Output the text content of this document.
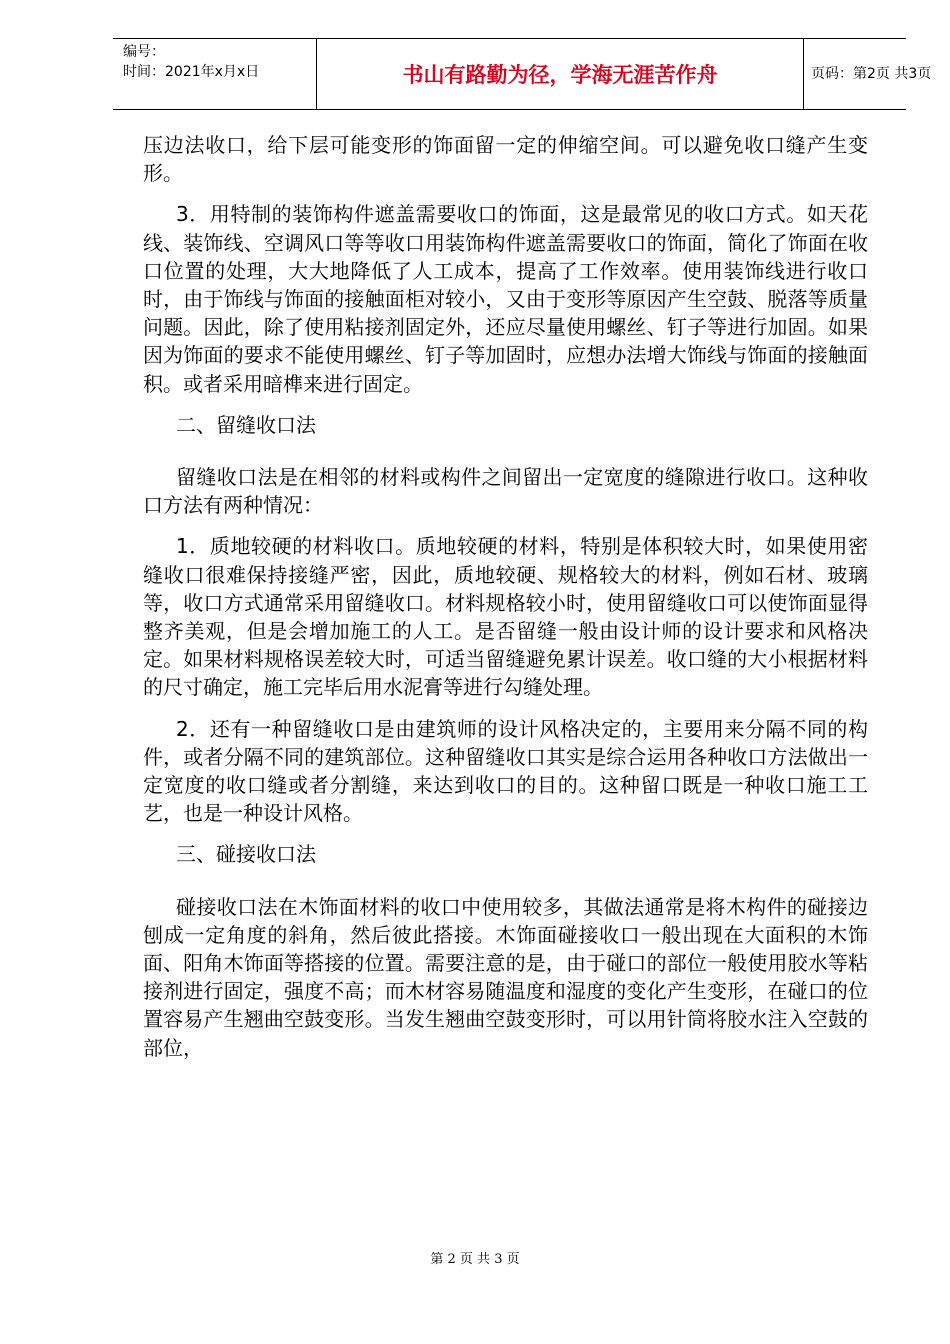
编号：
时间：2021年x月x日	书山有路勤为径，学海无涯苦作舟	页码：第2页 共3页

压边法收口，给下层可能变形的饰面留一定的伸缩空间。可以避免收口缝产生变形。

3．用特制的装饰构件遮盖需要收口的饰面，这是最常见的收口方式。如天花线、装饰线、空调风口等等收口用装饰构件遮盖需要收口的饰面，简化了饰面在收口位置的处理，大大地降低了人工成本，提高了工作效率。使用装饰线进行收口时，由于饰线与饰面的接触面柜对较小，又由于变形等原因产生空鼓、脱落等质量问题。因此，除了使用粘接剂固定外，还应尽量使用螺丝、钉子等进行加固。如果因为饰面的要求不能使用螺丝、钉子等加固时，应想办法增大饰线与饰面的接触面积。或者采用暗榫来进行固定。

二、留缝收口法

留缝收口法是在相邻的材料或构件之间留出一定宽度的缝隙进行收口。这种收口方法有两种情况：

1．质地较硬的材料收口。质地较硬的材料，特别是体积较大时，如果使用密缝收口很难保持接缝严密，因此，质地较硬、规格较大的材料，例如石材、玻璃等，收口方式通常采用留缝收口。材料规格较小时，使用留缝收口可以使饰面显得整齐美观，但是会增加施工的人工。是否留缝一般由设计师的设计要求和风格决定。如果材料规格误差较大时，可适当留缝避免累计误差。收口缝的大小根据材料的尺寸确定，施工完毕后用水泥膏等进行勾缝处理。

2．还有一种留缝收口是由建筑师的设计风格决定的，主要用来分隔不同的构件，或者分隔不同的建筑部位。这种留缝收口其实是综合运用各种收口方法做出一定宽度的收口缝或者分割缝，来达到收口的目的。这种留口既是一种收口施工工艺，也是一种设计风格。

三、碰接收口法

碰接收口法在木饰面材料的收口中使用较多，其做法通常是将木构件的碰接边刨成一定角度的斜角，然后彼此搭接。木饰面碰接收口一般出现在大面积的木饰面、阳角木饰面等搭接的位置。需要注意的是，由于碰口的部位一般使用胶水等粘接剂进行固定，强度不高；而木材容易随温度和湿度的变化产生变形，在碰口的位置容易产生翘曲空鼓变形。当发生翘曲空鼓变形时，可以用针筒将胶水注入空鼓的部位，

第 2 页 共 3 页
